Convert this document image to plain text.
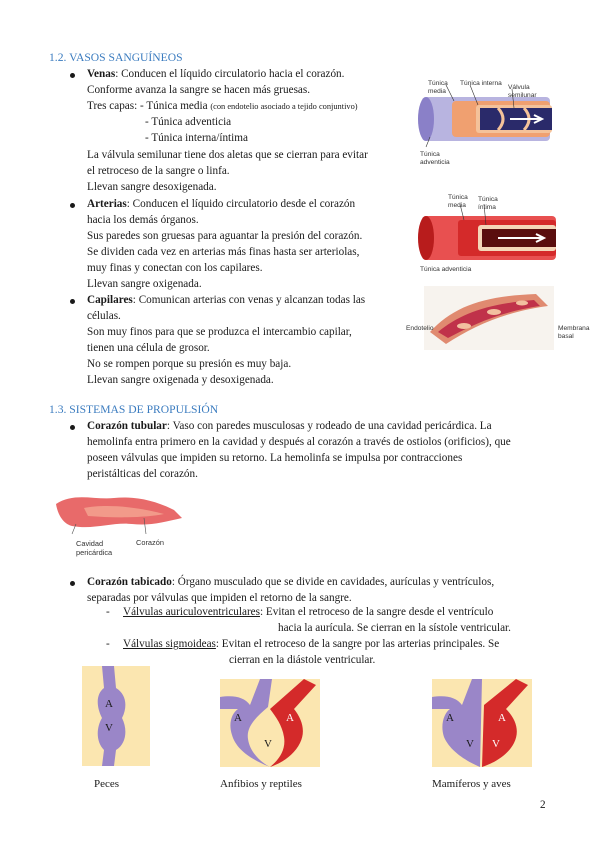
1.2. VASOS SANGUÍNEOS
Venas: Conducen el líquido circulatorio hacia el corazón.
Conforme avanza la sangre se hacen más gruesas.
Tres capas: - Túnica media (con endotelio asociado a tejido conjuntivo)
- Túnica adventicia
- Túnica interna/íntima
La válvula semilunar tiene dos aletas que se cierran para evitar
el retroceso de la sangre o linfa.
Llevan sangre desoxigenada.
Arterias: Conducen el líquido circulatorio desde el corazón
hacia los demás órganos.
Sus paredes son gruesas para aguantar la presión del corazón.
Se dividen cada vez en arterias más finas hasta ser arteriolas,
muy finas y conectan con los capilares.
Llevan sangre oxigenada.
Capilares: Comunican arterias con venas y alcanzan todas las
células.
Son muy finos para que se produzca el intercambio capilar,
tienen una célula de grosor.
No se rompen porque su presión es muy baja.
Llevan sangre oxigenada y desoxigenada.
Túnica media
Túnica interna
Válvula semilunar
Túnica adventicia
Túnica media
Túnica íntima
Túnica adventicia
Endotelio	Membrana basal
1.3. SISTEMAS DE PROPULSIÓN
Corazón tubular: Vaso con paredes musculosas y rodeado de una cavidad pericárdica. La
hemolinfa entra primero en la cavidad y después al corazón a través de ostiolos (orificios), que
poseen válvulas que impiden su retorno. La hemolinfa se impulsa por contracciones
peristálticas del corazón.
Cavidad pericárdica
Corazón
Corazón tabicado: Órgano musculado que se divide en cavidades, aurículas y ventrículos,
separadas por válvulas que impiden el retorno de la sangre.
- Válvulas auriculoventriculares: Evitan el retroceso de la sangre desde el ventrículo
hacia la aurícula. Se cierran en la sístole ventricular.
- Válvulas sigmoideas: Evitan el retroceso de la sangre por las arterias principales. Se
cierran en la diástole ventricular.
A
V
A
V
A	A
V
A
V
Peces	Anfibios y reptiles	Mamíferos y aves
2
